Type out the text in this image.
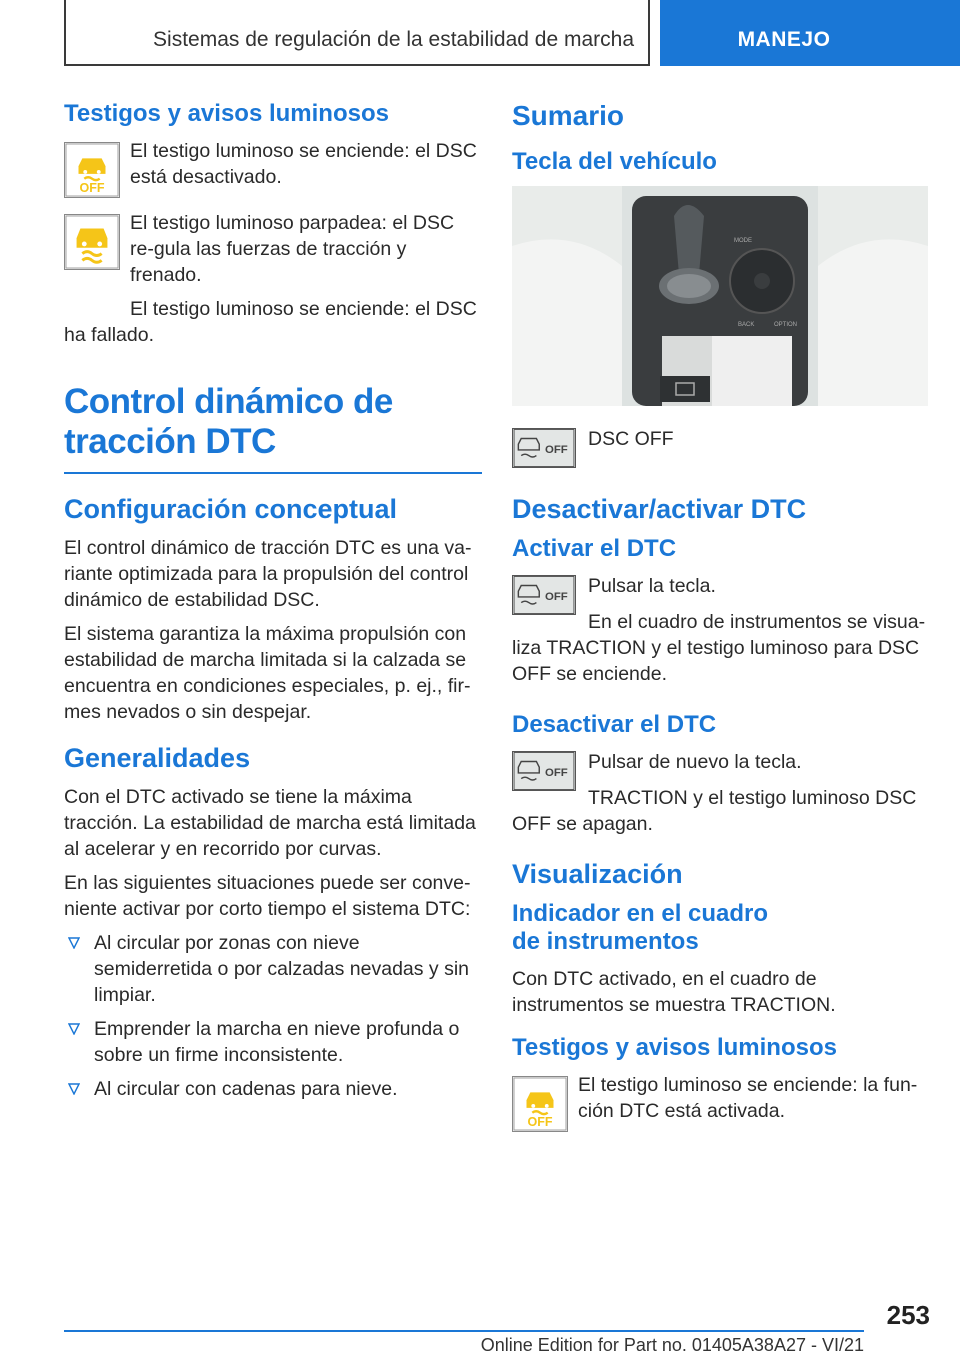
Sistemas de regulación de la estabilidad de marcha	MANEJO
Testigos y avisos luminosos
OFF
El testigo luminoso se enciende: el DSC está desactivado.
El testigo luminoso parpadea: el DSC re‐gula las fuerzas de tracción y frenado.
El testigo luminoso se enciende: el DSC ha fallado.
Control dinámico de tracción DTC
Configuración conceptual
El control dinámico de tracción DTC es una va‐riante optimizada para la propulsión del control dinámico de estabilidad DSC.
El sistema garantiza la máxima propulsión con estabilidad de marcha limitada si la calzada se encuentra en condiciones especiales, p. ej., fir‐mes nevados o sin despejar.
Generalidades
Con el DTC activado se tiene la máxima tracción. La estabilidad de marcha está limitada al acelerar y en recorrido por curvas.
En las siguientes situaciones puede ser conve‐niente activar por corto tiempo el sistema DTC:
Al circular por zonas con nieve semiderretida o por calzadas nevadas y sin limpiar.
Emprender la marcha en nieve profunda o sobre un firme inconsistente.
Al circular con cadenas para nieve.
Sumario
Tecla del vehículo
MODE
BACK	OPTION
OFF DSC OFF
Desactivar/activar DTC
Activar el DTC
OFF Pulsar la tecla.
En el cuadro de instrumentos se visua‐liza TRACTION y el testigo luminoso para DSC OFF se enciende.
Desactivar el DTC
OFF Pulsar de nuevo la tecla.
TRACTION y el testigo luminoso DSC OFF se apagan.
Visualización
Indicador en el cuadro
de instrumentos
Con DTC activado, en el cuadro de instrumentos se muestra TRACTION.
Testigos y avisos luminosos
OFF
El testigo luminoso se enciende: la fun‐ción DTC está activada.
253
Online Edition for Part no. 01405A38A27 - VI/21
